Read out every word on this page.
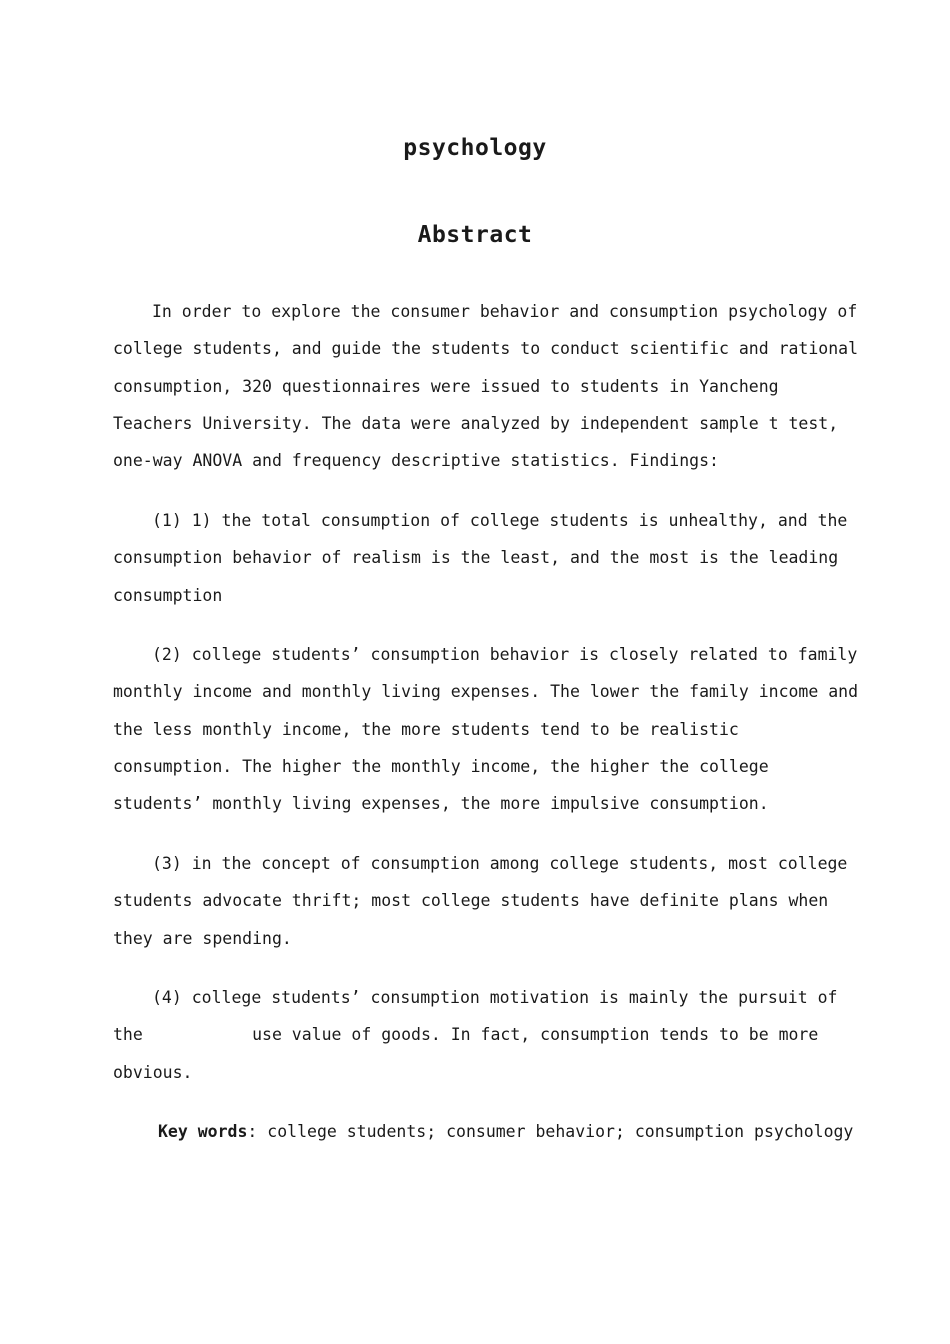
psychology
Abstract
In order to explore the consumer behavior and consumption psychology of
college students, and guide the students to conduct scientific and rational
consumption, 320 questionnaires were issued to students in Yancheng
Teachers University. The data were analyzed by independent sample t test,
one-way ANOVA and frequency descriptive statistics. Findings:
(1) 1) the total consumption of college students is unhealthy, and the
consumption behavior of realism is the least, and the most is the leading
consumption
(2) college students’ consumption behavior is closely related to family
monthly income and monthly living expenses. The lower the family income and
the less monthly income, the more students tend to be realistic
consumption. The higher the monthly income, the higher the college
students’ monthly living expenses, the more impulsive consumption.
(3) in the concept of consumption among college students, most college
students advocate thrift; most college students have definite plans when
they are spending.
(4) college students’ consumption motivation is mainly the pursuit of
the           use value of goods. In fact, consumption tends to be more
obvious.
Key words: college students; consumer behavior; consumption psychology
